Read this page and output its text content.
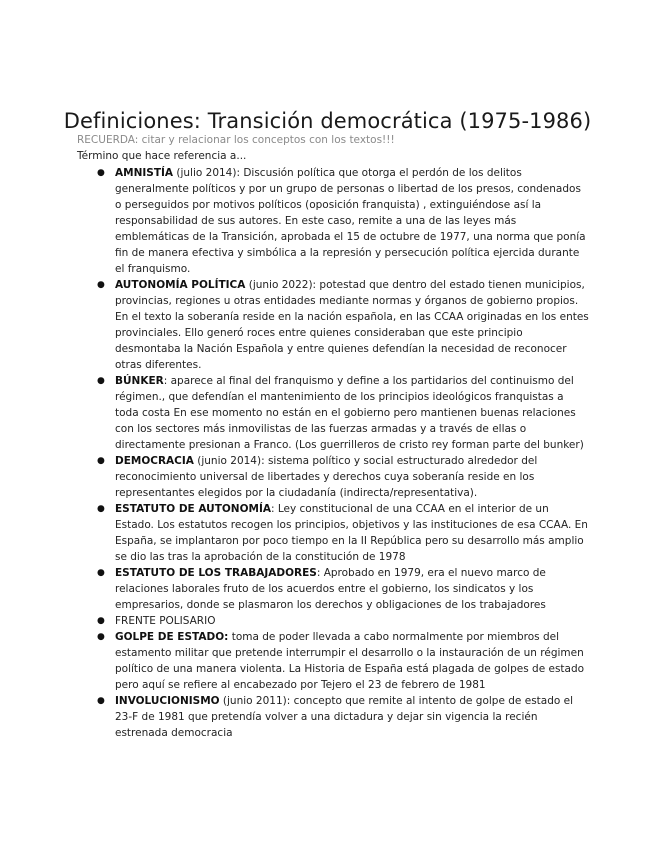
Definiciones: Transición democrática (1975-1986)
RECUERDA: citar y relacionar los conceptos con los textos!!!
Término que hace referencia a...
● AMNISTÍA (julio 2014): Discusión política que otorga el perdón de los delitos generalmente políticos y por un grupo de personas o libertad de los presos, condenados o perseguidos por motivos políticos (oposición franquista) , extinguiéndose así la responsabilidad de sus autores. En este caso, remite a una de las leyes más emblemáticas de la Transición, aprobada el 15 de octubre de 1977, una norma que ponía fin de manera efectiva y simbólica a la represión y persecución política ejercida durante el franquismo.
● AUTONOMÍA POLÍTICA (junio 2022): potestad que dentro del estado tienen municipios, provincias, regiones u otras entidades mediante normas y órganos de gobierno propios. En el texto la soberanía reside en la nación española, en las CCAA originadas en los entes provinciales. Ello generó roces entre quienes consideraban que este principio desmontaba la Nación Española y entre quienes defendían la necesidad de reconocer otras diferentes.
● BÚNKER: aparece al final del franquismo y define a los partidarios del continuismo del régimen., que defendían el mantenimiento de los principios ideológicos franquistas a toda costa En ese momento no están en el gobierno pero mantienen buenas relaciones con los sectores más inmovilistas de las fuerzas armadas y a través de ellas o directamente presionan a Franco. (Los guerrilleros de cristo rey forman parte del bunker)
● DEMOCRACIA (junio 2014): sistema político y social estructurado alrededor del reconocimiento universal de libertades y derechos cuya soberanía reside en los representantes elegidos por la ciudadanía (indirecta/representativa).
● ESTATUTO DE AUTONOMÍA: Ley constitucional de una CCAA en el interior de un Estado. Los estatutos recogen los principios, objetivos y las instituciones de esa CCAA. En España, se implantaron por poco tiempo en la II República pero su desarrollo más amplio se dio las tras la aprobación de la constitución de 1978
● ESTATUTO DE LOS TRABAJADORES: Aprobado en 1979, era el nuevo marco de relaciones laborales fruto de los acuerdos entre el gobierno, los sindicatos y los empresarios, donde se plasmaron los derechos y obligaciones de los trabajadores
● FRENTE POLISARIO
● GOLPE DE ESTADO: toma de poder llevada a cabo normalmente por miembros del estamento militar que pretende interrumpir el desarrollo o la instauración de un régimen político de una manera violenta. La Historia de España está plagada de golpes de estado pero aquí se refiere al encabezado por Tejero el 23 de febrero de 1981
● INVOLUCIONISMO (junio 2011): concepto que remite al intento de golpe de estado el 23-F de 1981 que pretendía volver a una dictadura y dejar sin vigencia la recién estrenada democracia
